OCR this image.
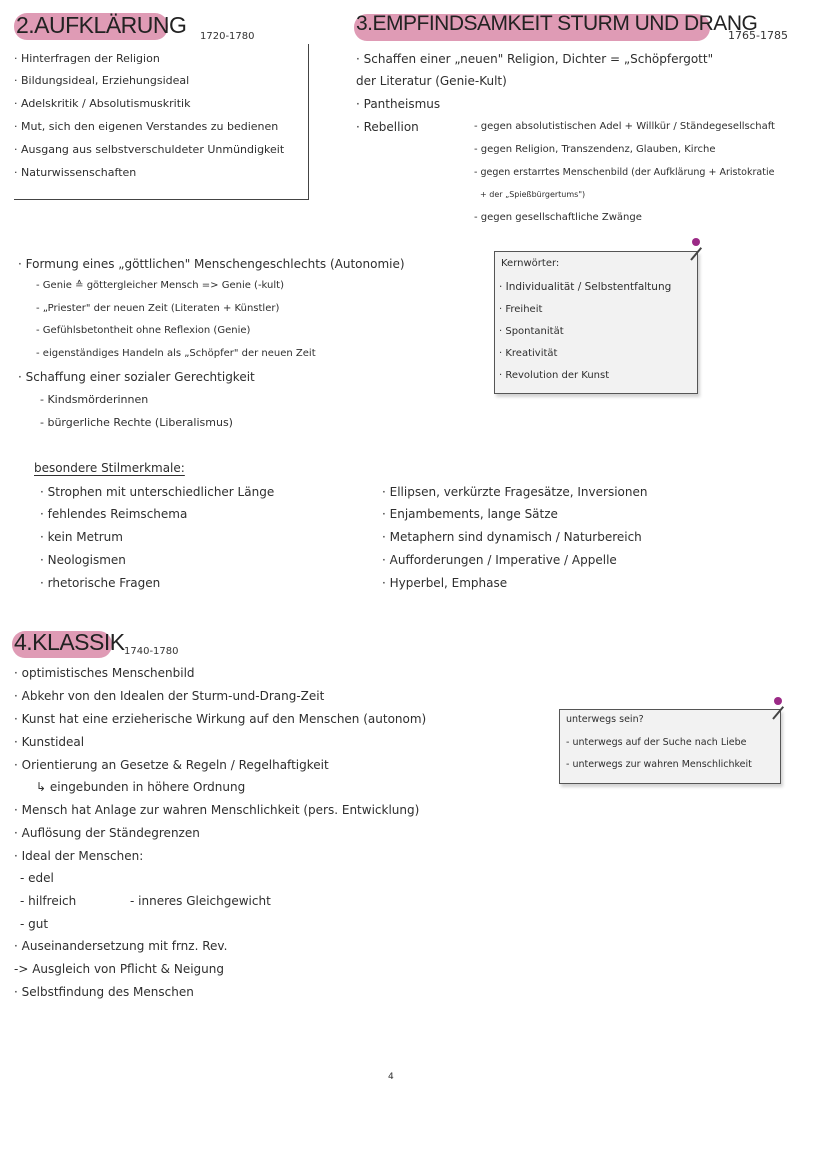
2.AUFKLÄRUNG 1720-1780
· Hinterfragen der Religion
· Bildungsideal, Erziehungsideal
· Adelskritik / Absolutismuskritik
· Mut, sich den eigenen Verstandes zu bedienen
· Ausgang aus selbstverschuldeter Unmündigkeit
· Naturwissenschaften
3.EMPFINDSAMKEIT STURM UND DRANG
1765-1785
· Schaffen einer „neuen" Religion, Dichter = „Schöpfergott"
der Literatur (Genie-Kult)
· Pantheismus
· Rebellion	- gegen absolutistischen Adel + Willkür / Ständegesellschaft
- gegen Religion, Transzendenz, Glauben, Kirche
- gegen erstarrtes Menschenbild (der Aufklärung + Aristokratie
+ der „Spießbürgertums")
- gegen gesellschaftliche Zwänge
· Formung eines „göttlichen" Menschengeschlechts (Autonomie)
- Genie ≙ göttergleicher Mensch => Genie (-kult)
- „Priester" der neuen Zeit (Literaten + Künstler)
- Gefühlsbetontheit ohne Reflexion (Genie)
- eigenständiges Handeln als „Schöpfer" der neuen Zeit
· Schaffung einer sozialer Gerechtigkeit
- Kindsmörderinnen
- bürgerliche Rechte (Liberalismus)
Kernwörter:
· Individualität / Selbstentfaltung
· Freiheit
· Spontanität
· Kreativität
· Revolution der Kunst
besondere Stilmerkmale:
· Strophen mit unterschiedlicher Länge
· fehlendes Reimschema
· kein Metrum
· Neologismen
· rhetorische Fragen
· Ellipsen, verkürzte Fragesätze, Inversionen
· Enjambements, lange Sätze
· Metaphern sind dynamisch / Naturbereich
· Aufforderungen / Imperative / Appelle
· Hyperbel, Emphase
4.KLASSIK 1740-1780
· optimistisches Menschenbild
· Abkehr von den Idealen der Sturm-und-Drang-Zeit
· Kunst hat eine erzieherische Wirkung auf den Menschen (autonom)
· Kunstideal
· Orientierung an Gesetze & Regeln / Regelhaftigkeit
↳ eingebunden in höhere Ordnung
· Mensch hat Anlage zur wahren Menschlichkeit (pers. Entwicklung)
· Auflösung der Ständegrenzen
· Ideal der Menschen:
- edel
- hilfreich
- gut
· Auseinandersetzung mit frnz. Rev.
-> Ausgleich von Pflicht & Neigung
· Selbstfindung des Menschen
- inneres Gleichgewicht
unterwegs sein?
- unterwegs auf der Suche nach Liebe
- unterwegs zur wahren Menschlichkeit
4
